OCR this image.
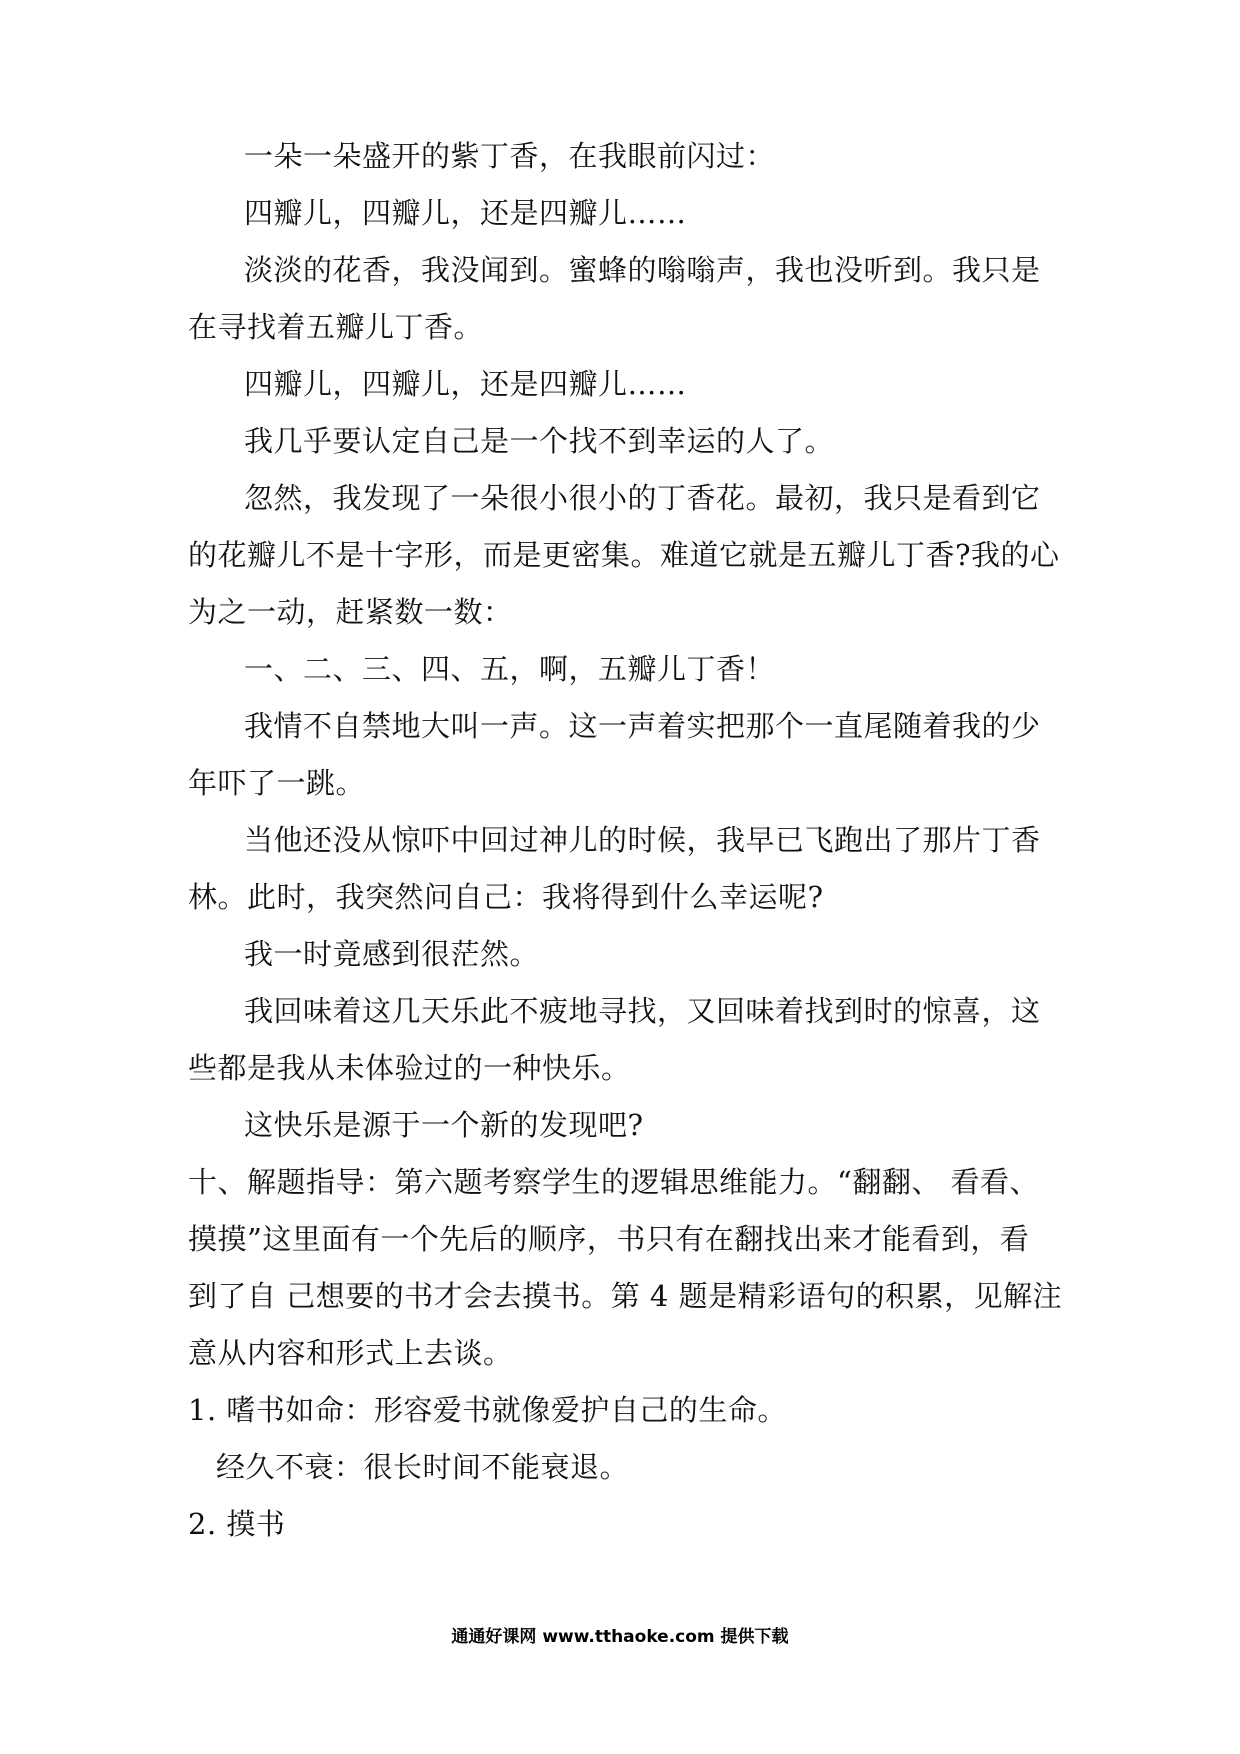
一朵一朵盛开的紫丁香，在我眼前闪过：
四瓣儿，四瓣儿，还是四瓣儿……
淡淡的花香，我没闻到。蜜蜂的嗡嗡声，我也没听到。我只是
在寻找着五瓣儿丁香。
四瓣儿，四瓣儿，还是四瓣儿……
我几乎要认定自己是一个找不到幸运的人了。
忽然，我发现了一朵很小很小的丁香花。最初，我只是看到它
的花瓣儿不是十字形，而是更密集。难道它就是五瓣儿丁香?我的心
为之一动，赶紧数一数：
一、二、三、四、五，啊，五瓣儿丁香！
我情不自禁地大叫一声。这一声着实把那个一直尾随着我的少
年吓了一跳。
当他还没从惊吓中回过神儿的时候，我早已飞跑出了那片丁香
林。此时，我突然问自己：我将得到什么幸运呢?
我一时竟感到很茫然。
我回味着这几天乐此不疲地寻找，又回味着找到时的惊喜，这
些都是我从未体验过的一种快乐。
这快乐是源于一个新的发现吧?
十、解题指导：第六题考察学生的逻辑思维能力。“翻翻、 看看、
摸摸”这里面有一个先后的顺序，书只有在翻找出来才能看到，看
到了自 己想要的书才会去摸书。第 4 题是精彩语句的积累，见解注
意从内容和形式上去谈。
1. 嗜书如命：形容爱书就像爱护自己的生命。
经久不衰：很长时间不能衰退。
2. 摸书
通通好课网 www.tthaoke.com 提供下载
